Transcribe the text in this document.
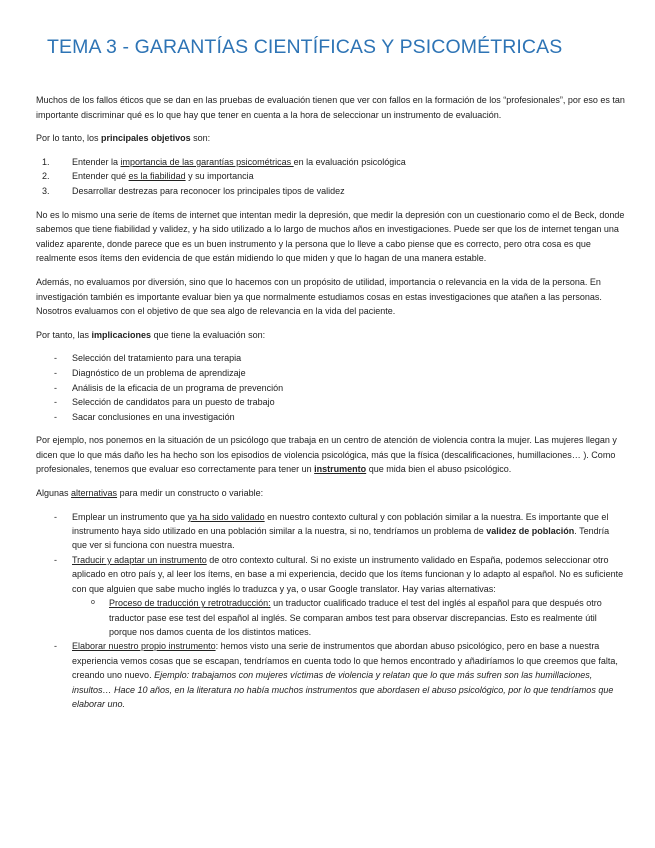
TEMA 3 - GARANTÍAS CIENTÍFICAS Y PSICOMÉTRICAS

Muchos de los fallos éticos que se dan en las pruebas de evaluación tienen que ver con fallos en la formación de los “profesionales”, por eso es tan importante discriminar qué es lo que hay que tener en cuenta a la hora de seleccionar un instrumento de evaluación.

Por lo tanto, los principales objetivos son:

1. Entender la importancia de las garantías psicométricas en la evaluación psicológica
2. Entender qué es la fiabilidad y su importancia
3. Desarrollar destrezas para reconocer los principales tipos de validez

No es lo mismo una serie de ítems de internet que intentan medir la depresión, que medir la depresión con un cuestionario como el de Beck, donde sabemos que tiene fiabilidad y validez, y ha sido utilizado a lo largo de muchos años en investigaciones. Puede ser que los de internet tengan una validez aparente, donde parece que es un buen instrumento y la persona que lo lleve a cabo piense que es correcto, pero otra cosa es que realmente esos ítems den evidencia de que están midiendo lo que miden y que lo hagan de una manera estable.

Además, no evaluamos por diversión, sino que lo hacemos con un propósito de utilidad, importancia o relevancia en la vida de la persona. En investigación también es importante evaluar bien ya que normalmente estudiamos cosas en estas investigaciones que atañen a las personas. Nosotros evaluamos con el objetivo de que sea algo de relevancia en la vida del paciente.

Por tanto, las implicaciones que tiene la evaluación son:

- Selección del tratamiento para una terapia
- Diagnóstico de un problema de aprendizaje
- Análisis de la eficacia de un programa de prevención
- Selección de candidatos para un puesto de trabajo
- Sacar conclusiones en una investigación

Por ejemplo, nos ponemos en la situación de un psicólogo que trabaja en un centro de atención de violencia contra la mujer. Las mujeres llegan y dicen que lo que más daño les ha hecho son los episodios de violencia psicológica, más que la física (descalificaciones, humillaciones… ). Como profesionales, tenemos que evaluar eso correctamente para tener un instrumento que mida bien el abuso psicológico.

Algunas alternativas para medir un constructo o variable:

- Emplear un instrumento que ya ha sido validado en nuestro contexto cultural y con población similar a la nuestra. Es importante que el instrumento haya sido utilizado en una población similar a la nuestra, si no, tendríamos un problema de validez de población. Tendría que ver si funciona con nuestra muestra.
- Traducir y adaptar un instrumento de otro contexto cultural. Si no existe un instrumento validado en España, podemos seleccionar otro aplicado en otro país y, al leer los ítems, en base a mi experiencia, decido que los ítems funcionan y lo adapto al español. No es suficiente con que alguien que sabe mucho inglés lo traduzca y ya, o usar Google translator. Hay varias alternativas:
o Proceso de traducción y retrotraducción: un traductor cualificado traduce el test del inglés al español para que después otro traductor pase ese test del español al inglés. Se comparan ambos test para observar discrepancias. Esto es realmente útil porque nos damos cuenta de los distintos matices.
- Elaborar nuestro propio instrumento: hemos visto una serie de instrumentos que abordan abuso psicológico, pero en base a nuestra experiencia vemos cosas que se escapan, tendríamos en cuenta todo lo que hemos encontrado y añadiríamos lo que creemos que falta, creando uno nuevo. Ejemplo: trabajamos con mujeres víctimas de violencia y relatan que lo que más sufren son las humillaciones, insultos… Hace 10 años, en la literatura no había muchos instrumentos que abordasen el abuso psicológico, por lo que tendríamos que elaborar uno.
